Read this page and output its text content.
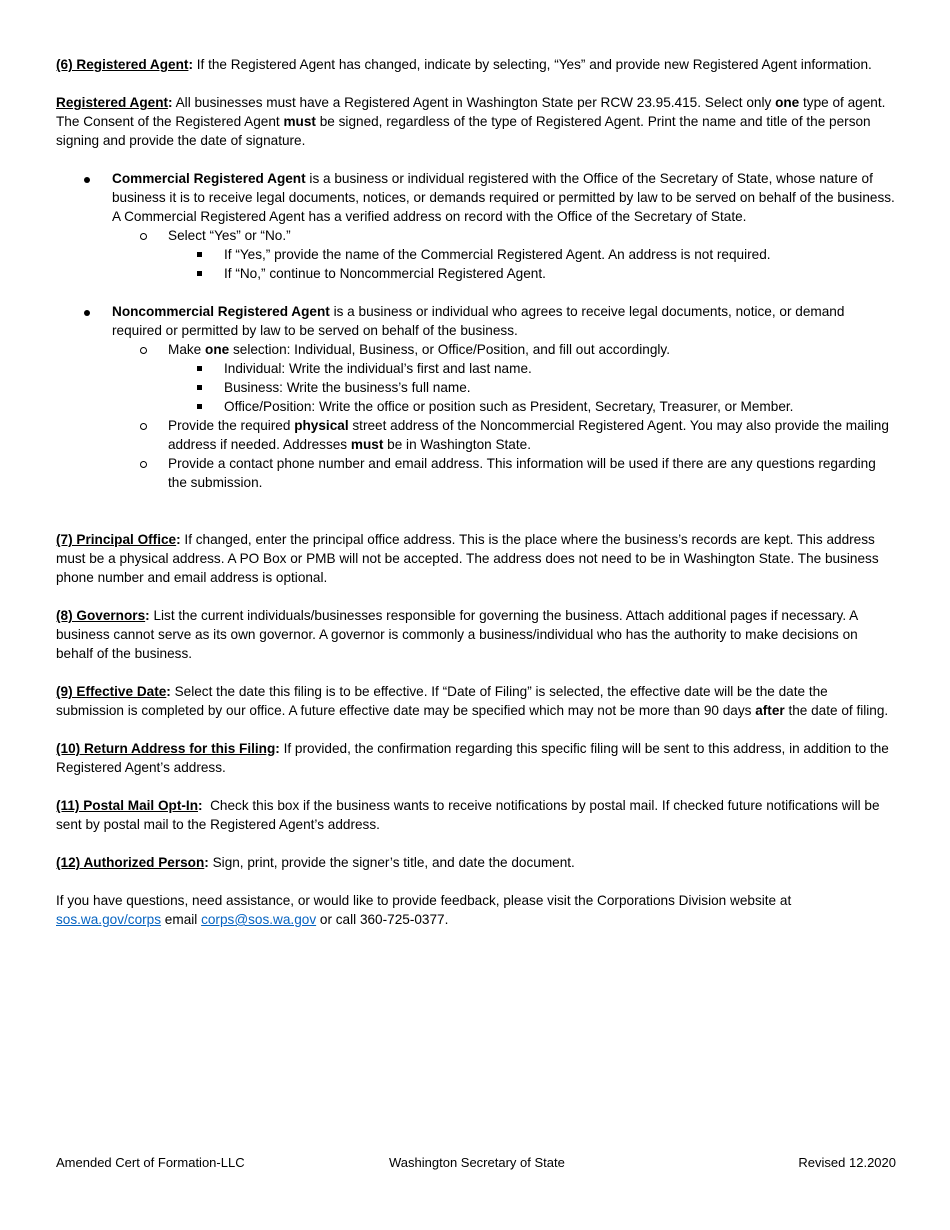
(6) Registered Agent: If the Registered Agent has changed, indicate by selecting, “Yes” and provide new Registered Agent information.

Registered Agent: All businesses must have a Registered Agent in Washington State per RCW 23.95.415. Select only one type of agent. The Consent of the Registered Agent must be signed, regardless of the type of Registered Agent. Print the name and title of the person signing and provide the date of signature.

Commercial Registered Agent is a business or individual registered with the Office of the Secretary of State, whose nature of business it is to receive legal documents, notices, or demands required or permitted by law to be served on behalf of the business. A Commercial Registered Agent has a verified address on record with the Office of the Secretary of State.
Select “Yes” or “No.”
If “Yes,” provide the name of the Commercial Registered Agent. An address is not required.
If “No,” continue to Noncommercial Registered Agent.
Noncommercial Registered Agent is a business or individual who agrees to receive legal documents, notice, or demand required or permitted by law to be served on behalf of the business.
Make one selection: Individual, Business, or Office/Position, and fill out accordingly.
Individual: Write the individual’s first and last name.
Business: Write the business’s full name.
Office/Position: Write the office or position such as President, Secretary, Treasurer, or Member.
Provide the required physical street address of the Noncommercial Registered Agent. You may also provide the mailing address if needed. Addresses must be in Washington State.
Provide a contact phone number and email address. This information will be used if there are any questions regarding the submission.

(7) Principal Office: If changed, enter the principal office address. This is the place where the business’s records are kept. This address must be a physical address. A PO Box or PMB will not be accepted. The address does not need to be in Washington State. The business phone number and email address is optional.

(8) Governors: List the current individuals/businesses responsible for governing the business. Attach additional pages if necessary. A business cannot serve as its own governor. A governor is commonly a business/individual who has the authority to make decisions on behalf of the business.

(9) Effective Date: Select the date this filing is to be effective. If “Date of Filing” is selected, the effective date will be the date the submission is completed by our office. A future effective date may be specified which may not be more than 90 days after the date of filing.

(10) Return Address for this Filing: If provided, the confirmation regarding this specific filing will be sent to this address, in addition to the Registered Agent’s address.

(11) Postal Mail Opt-In:  Check this box if the business wants to receive notifications by postal mail. If checked future notifications will be sent by postal mail to the Registered Agent’s address.

(12) Authorized Person: Sign, print, provide the signer’s title, and date the document.

If you have questions, need assistance, or would like to provide feedback, please visit the Corporations Division website at sos.wa.gov/corps email corps@sos.wa.gov or call 360-725-0377.

Amended Cert of Formation-LLC	Washington Secretary of State	Revised 12.2020
